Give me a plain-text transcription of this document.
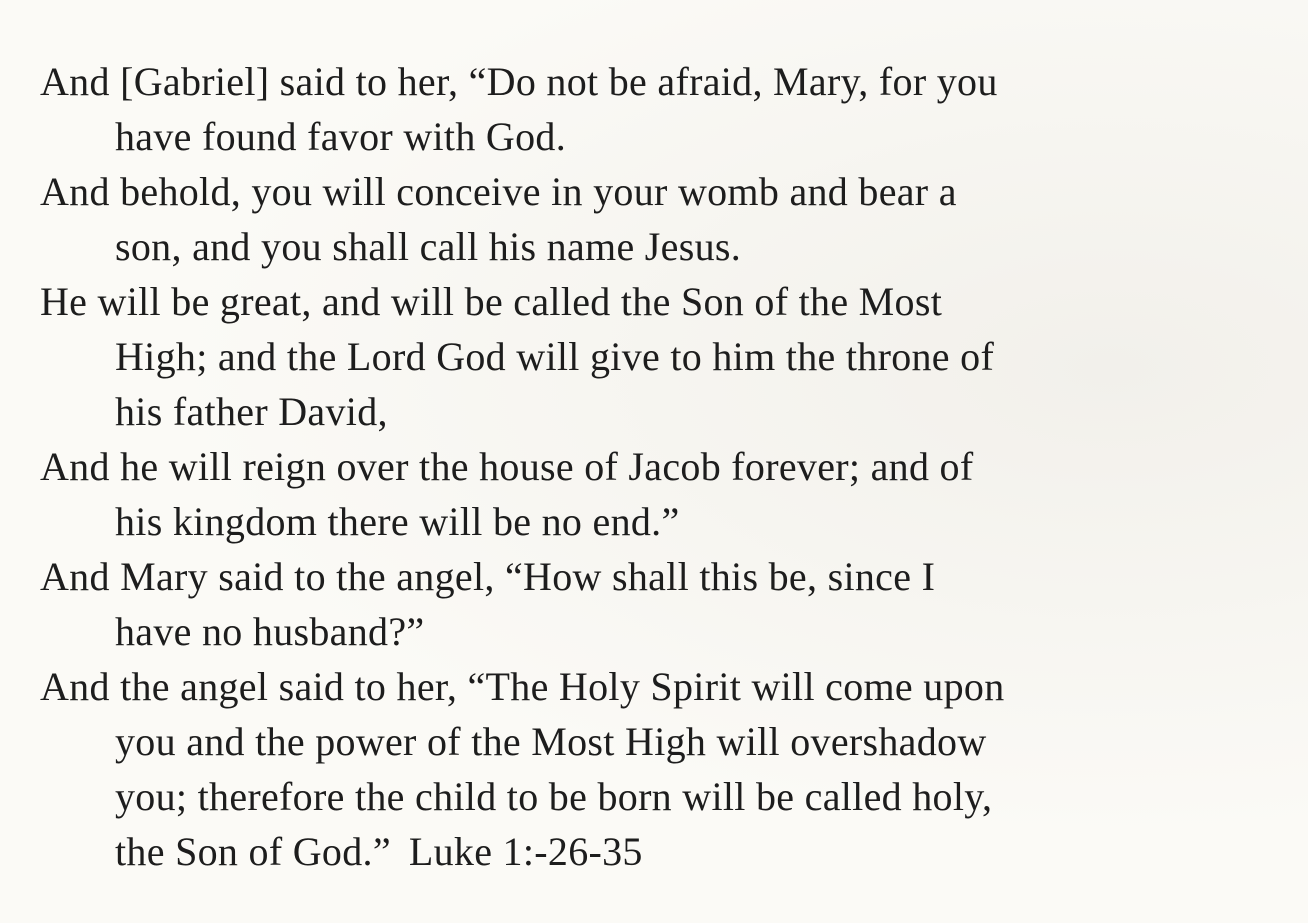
And [Gabriel] said to her, “Do not be afraid, Mary, for you
have found favor with God.
And behold, you will conceive in your womb and bear a
son, and you shall call his name Jesus.
He will be great, and will be called the Son of the Most
High; and the Lord God will give to him the throne of
his father David,
And he will reign over the house of Jacob forever; and of
his kingdom there will be no end.”
And Mary said to the angel, “How shall this be, since I
have no husband?”
And the angel said to her, “The Holy Spirit will come upon
you and the power of the Most High will overshadow
you; therefore the child to be born will be called holy,
the Son of God.” Luke 1:-26-35
